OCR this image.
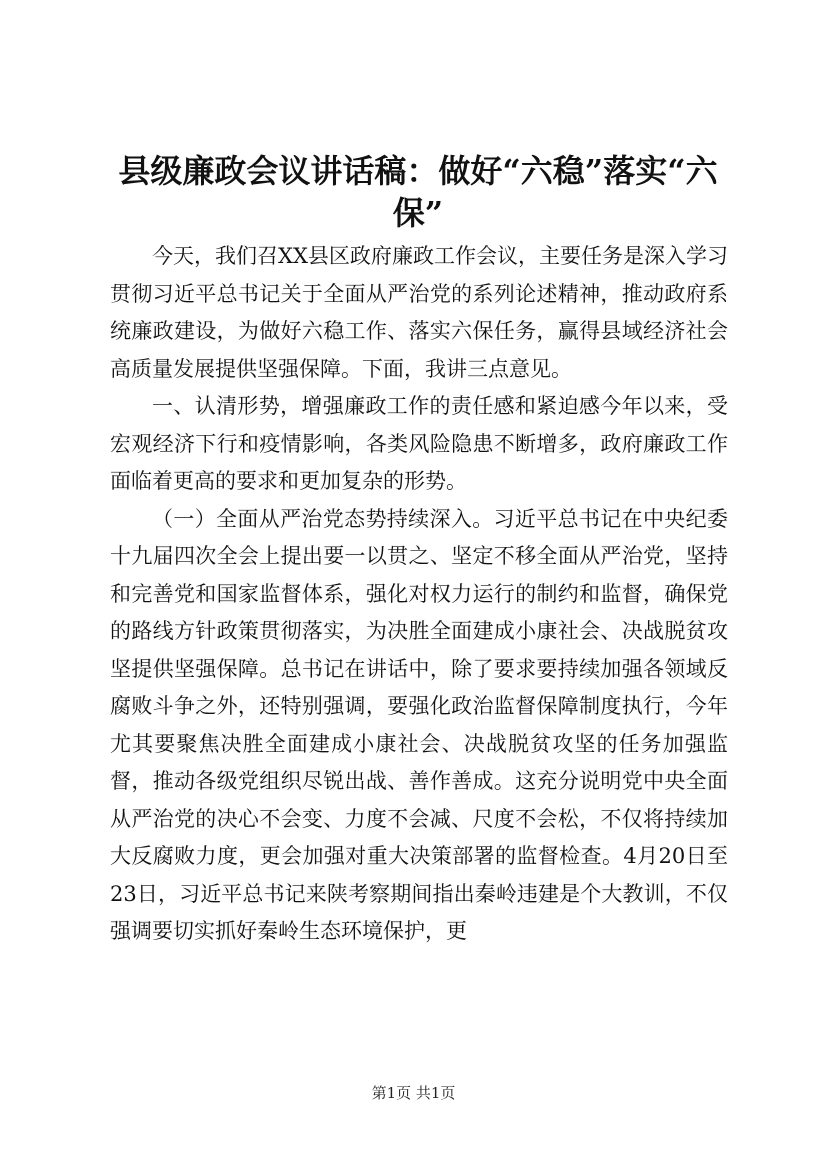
县级廉政会议讲话稿：做好“六稳”落实“六保”

今天，我们召XX县区政府廉政工作会议，主要任务是深入学习贯彻习近平总书记关于全面从严治党的系列论述精神，推动政府系统廉政建设，为做好六稳工作、落实六保任务，赢得县域经济社会高质量发展提供坚强保障。下面，我讲三点意见。

一、认清形势，增强廉政工作的责任感和紧迫感今年以来，受宏观经济下行和疫情影响，各类风险隐患不断增多，政府廉政工作面临着更高的要求和更加复杂的形势。

（一）全面从严治党态势持续深入。习近平总书记在中央纪委十九届四次全会上提出要一以贯之、坚定不移全面从严治党，坚持和完善党和国家监督体系，强化对权力运行的制约和监督，确保党的路线方针政策贯彻落实，为决胜全面建成小康社会、决战脱贫攻坚提供坚强保障。总书记在讲话中，除了要求要持续加强各领域反腐败斗争之外，还特别强调，要强化政治监督保障制度执行，今年尤其要聚焦决胜全面建成小康社会、决战脱贫攻坚的任务加强监督，推动各级党组织尽锐出战、善作善成。这充分说明党中央全面从严治党的决心不会变、力度不会减、尺度不会松，不仅将持续加大反腐败力度，更会加强对重大决策部署的监督检查。4月20日至23日，习近平总书记来陕考察期间指出秦岭违建是个大教训，不仅强调要切实抓好秦岭生态环境保护，更

第1页 共1页
